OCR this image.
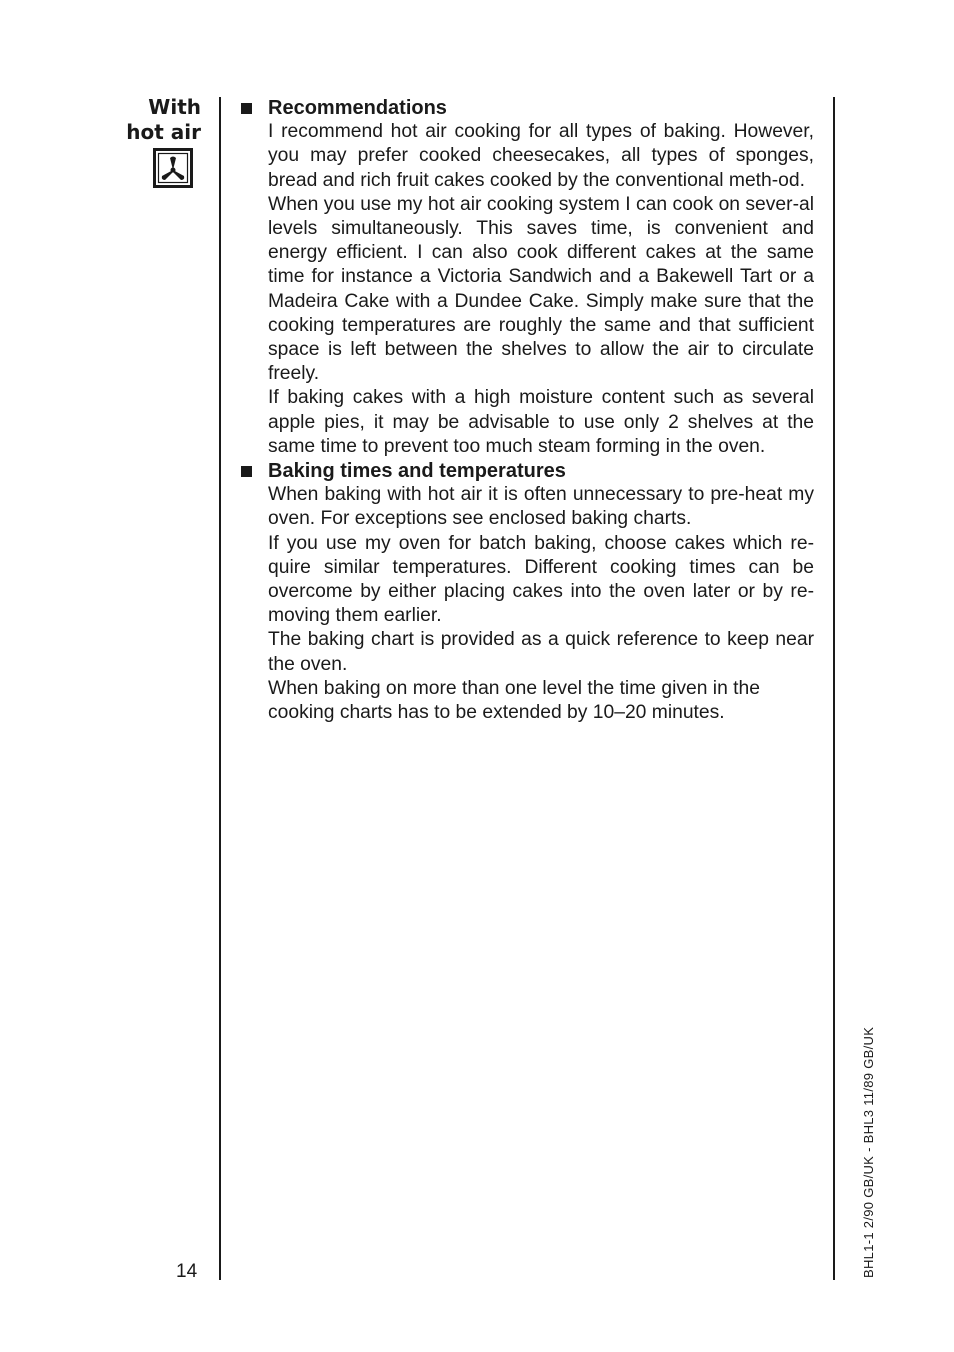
With
hot air
Recommendations
I recommend hot air cooking for all types of baking. However, you may prefer cooked cheesecakes, all types of sponges, bread and rich fruit cakes cooked by the conventional meth-od.
When you use my hot air cooking system I can cook on sever-al levels simultaneously. This saves time, is convenient and energy efficient. I can also cook different cakes at the same time for instance a Victoria Sandwich and a Bakewell Tart or a Madeira Cake with a Dundee Cake. Simply make sure that the cooking temperatures are roughly the same and that sufficient space is left between the shelves to allow the air to circulate freely.
If baking cakes with a high moisture content such as several apple pies, it may be advisable to use only 2 shelves at the same time to prevent too much steam forming in the oven.
Baking times and temperatures
When baking with hot air it is often unnecessary to pre-heat my oven. For exceptions see enclosed baking charts.
If you use my oven for batch baking, choose cakes which re-quire similar temperatures. Different cooking times can be overcome by either placing cakes into the oven later or by re-moving them earlier.
The baking chart is provided as a quick reference to keep near the oven.
When baking on more than one level the time given in the cooking charts has to be extended by 10–20 minutes.
14	BHL1-1 2/90 GB/UK - BHL3 11/89 GB/UK
